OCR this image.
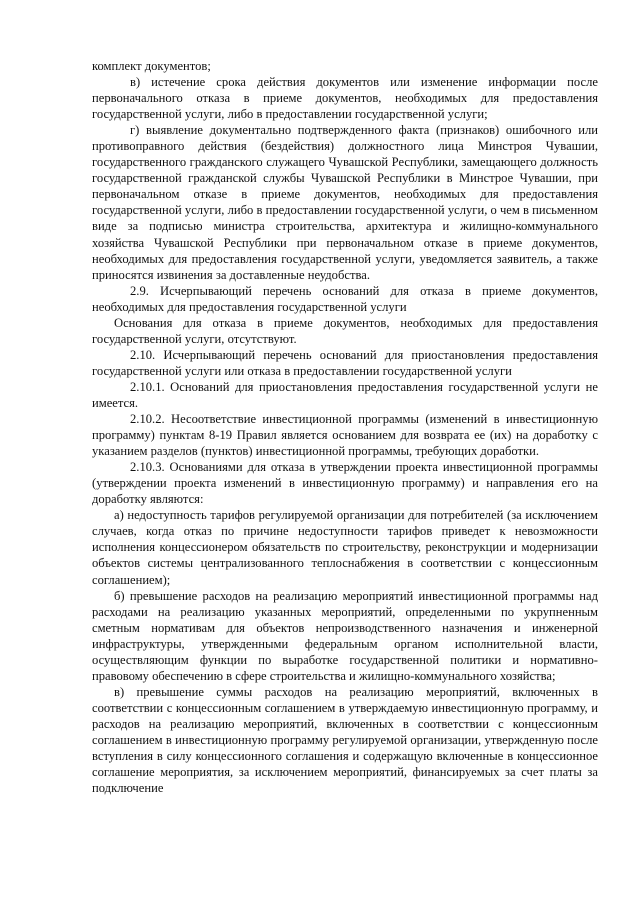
комплект документов;

в) истечение срока действия документов или изменение информации после первоначального отказа в приеме документов, необходимых для предоставления государственной услуги, либо в предоставлении государственной услуги;

г) выявление документально подтвержденного факта (признаков) ошибочного или противоправного действия (бездействия) должностного лица Минстроя Чувашии, государственного гражданского служащего Чувашской Республики, замещающего должность государственной гражданской службы Чувашской Республики в Минстрое Чувашии, при первоначальном отказе в приеме документов, необходимых для предоставления государственной услуги, либо в предоставлении государственной услуги, о чем в письменном виде за подписью министра строительства, архитектура и жилищно-коммунального хозяйства Чувашской Республики при первоначальном отказе в приеме документов, необходимых для предоставления государственной услуги, уведомляется заявитель, а также приносятся извинения за доставленные неудобства.

2.9. Исчерпывающий перечень оснований для отказа в приеме документов, необходимых для предоставления государственной услуги

Основания для отказа в приеме документов, необходимых для предоставления государственной услуги, отсутствуют.

2.10. Исчерпывающий перечень оснований для приостановления предоставления государственной услуги или отказа в предоставлении государственной услуги

2.10.1. Оснований для приостановления предоставления государственной услуги не имеется.

2.10.2. Несоответствие инвестиционной программы (изменений в инвестиционную программу) пунктам 8-19 Правил является основанием для возврата ее (их) на доработку с указанием разделов (пунктов) инвестиционной программы, требующих доработки.

2.10.3. Основаниями для отказа в утверждении проекта инвестиционной программы (утверждении проекта изменений в инвестиционную программу) и направления его на доработку являются:

а) недоступность тарифов регулируемой организации для потребителей (за исключением случаев, когда отказ по причине недоступности тарифов приведет к невозможности исполнения концессионером обязательств по строительству, реконструкции и модернизации объектов системы централизованного теплоснабжения в соответствии с концессионным соглашением);

б) превышение расходов на реализацию мероприятий инвестиционной программы над расходами на реализацию указанных мероприятий, определенными по укрупненным сметным нормативам для объектов непроизводственного назначения и инженерной инфраструктуры, утвержденными федеральным органом исполнительной власти, осуществляющим функции по выработке государственной политики и нормативно-правовому обеспечению в сфере строительства и жилищно-коммунального хозяйства;

в) превышение суммы расходов на реализацию мероприятий, включенных в соответствии с концессионным соглашением в утверждаемую инвестиционную программу, и расходов на реализацию мероприятий, включенных в соответствии с концессионным соглашением в инвестиционную программу регулируемой организации, утвержденную после вступления в силу концессионного соглашения и содержащую включенные в концессионное соглашение мероприятия, за исключением мероприятий, финансируемых за счет платы за подключение
